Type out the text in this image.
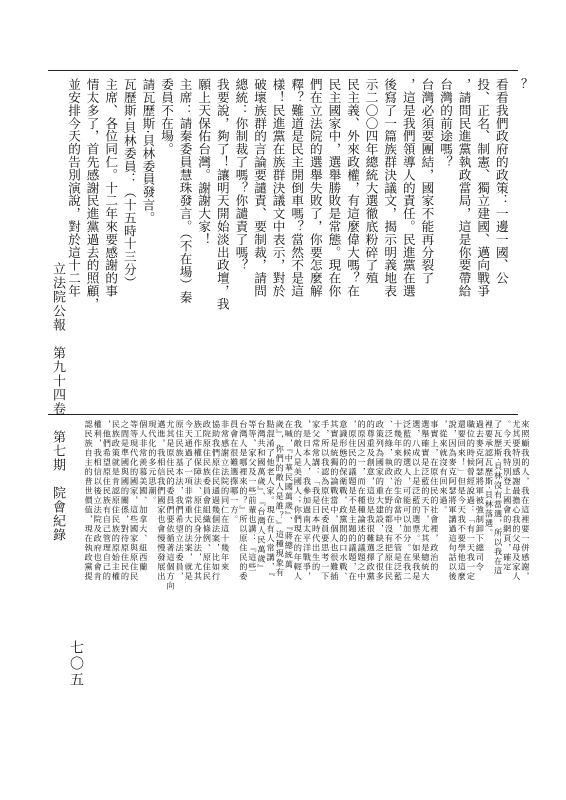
立法院公報　第九十四卷　第七期　院會紀錄
？
看看我們政府的政策：一邊一國、公
投、正名、制憲、獨立建國、邁向戰爭
，請問民進黨執政當局，這是你要帶給
台灣的前途嗎？
台灣必須要團結，國家不能再分裂了
，這是我們領導人的責任。民進黨在選
後寫了一篇族群決議文，揭示明義地表
示二〇〇四年總統大選徹底粉碎了殖
民主義、外來政權，有這麼偉大嗎？在
民主國家中，選舉勝敗是常態。現在你
們在立法院的選舉失敗了，你要怎麼解
釋？難道是民主開倒車嗎？當然不是這
樣！民進黨在族群決議文中表示，對於
破壞族群的言論要譴責、要制裁，請問
總統：你制裁了嗎？你譴責了嗎？
我要說，夠了！讓明天開始淡出政壇，我
願上天保佑台灣。謝謝大家！
主席：請秦委員慧珠發言。（不在場）秦
委員不在場。
請瓦歷斯‧貝林委員發言。
瓦歷斯‧貝林委員：（十五時十三分）
主席、各位同仁。十二年來要感謝的事
情太多了，首先感謝民進黨過去的照顧，
並安排今天的告別演說，對於這十二年
來照顧我的人，我在這裡要一併感謝，
尤其要特別感謝最擔心我的父母及家人
。今天我特別登上國會的網頁，確定
了瓦歷斯‧貝林沒有當選，所以我在這
裡要承認瓦歷斯‧貝林落選。
過去麥克阿瑟將軍被強制卸下總司令
職位的時候曾經說過：「有一天我一定
還要回來！」但是今天我不要學他這麼
說，因為麥克阿瑟將軍講過這句話以後
，從來就沒有回來過。
事實上，在原住民的社會裡，政治的
選舉確實是泛藍的天下，尤其是總統大
選，八成以上是泛藍的選票。如果我是
泛藍的候選人，可能可以加分。在我二
十幾年來的政治生命當中，不管是泛藍
、泛綠，執政、在野的都沒有把原住民
政策列為國家的重大建設，缺乏了很多
的尊重及創意，這也是我很難選擇政黨
的原因之一，而在種種論述的議題之中
，原住民的議題是不是主題的議題，在
意識形態的保衛戰，政黨間的口水戰、
其實是統獨的論戰當中，個人也很難插
手，所以我認為原住民委員要思考一下
家父常常講：「我是日本時代出生的
，是日本人，我參加過南太平洋戰爭，
我的敵人是美國人；你們現在的年輕人
在喊，『中華民國萬歲』、『蔣總統萬
歲』，你們的敵人是誰？』這種現象有
點混淆了他老人家。現在有人常講，『
台灣共和國萬歲』、『台灣人民萬歲』
等等，家父及一些前輩也講：『這些
台灣人是哪裡來的？』所以原住民的委
員會在很難選擇哪一方。
非常感謝立法院的同仁在這十幾年來
協助我們原住民通過幾個法案，比如行
政院原住民族委員會組織條例、原住民
族工作權保障法、原住民身分法，尤其
今天通過了一項非常重大的法案，就是
原住民族基本法，我們希望立法委員，
尤其是原住民的委員們要依循著這個方向
邁進，我相信我們國家也會慢慢發展出
現代化的多元思潮。
個人非常羨慕美國、加拿大、紐西蘭
等等現代化的國家，這些國家與原住民
之間是準國與國的關係，對待原住民的
民族政策就是肯認原住民族的原始主權
，他們希望原住民族有自己管理自己的
權利，我相信以後立法院及政府也會肯
認民族自主的普世價值，現在執政黨提
七〇五
